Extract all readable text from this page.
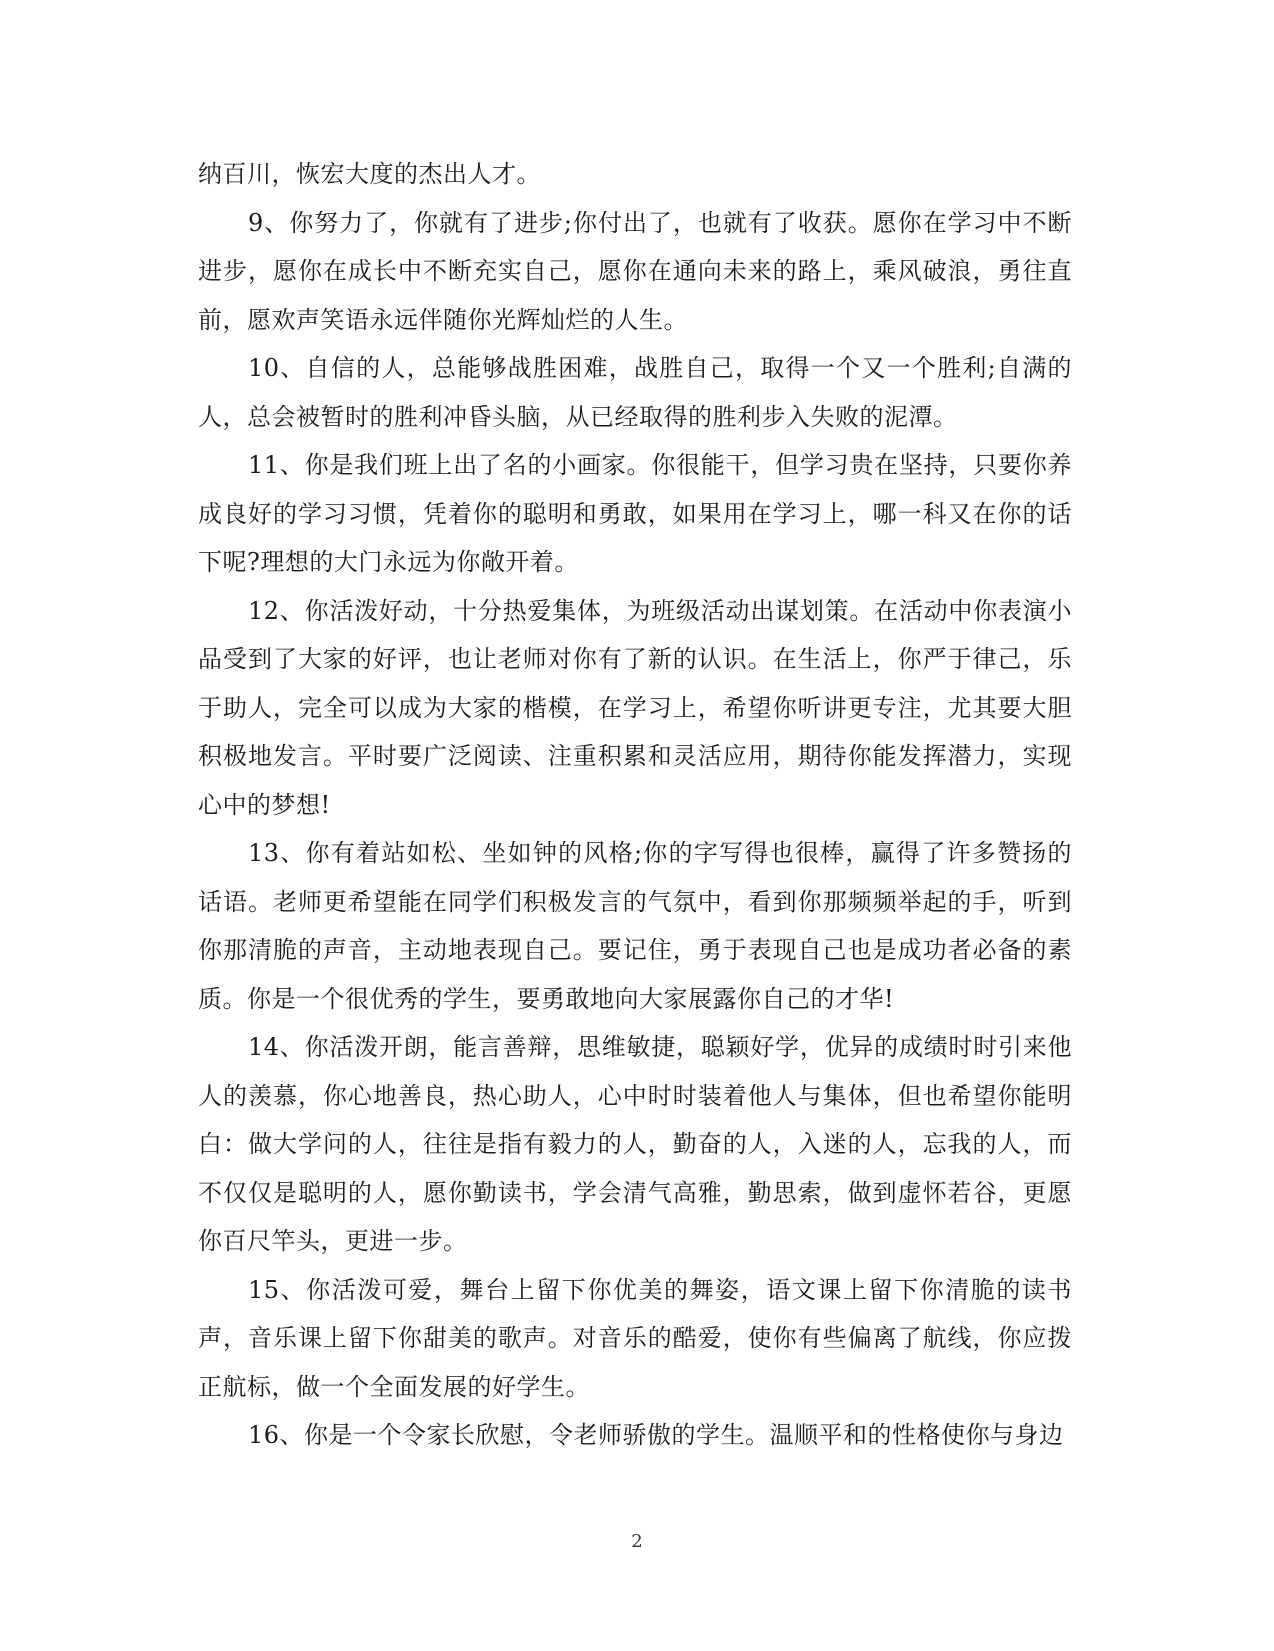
纳百川，恢宏大度的杰出人才。

9、你努力了，你就有了进步;你付出了，也就有了收获。愿你在学习中不断进步，愿你在成长中不断充实自己，愿你在通向未来的路上，乘风破浪，勇往直前，愿欢声笑语永远伴随你光辉灿烂的人生。

10、自信的人，总能够战胜困难，战胜自己，取得一个又一个胜利;自满的人，总会被暂时的胜利冲昏头脑，从已经取得的胜利步入失败的泥潭。

11、你是我们班上出了名的小画家。你很能干，但学习贵在坚持，只要你养成良好的学习习惯，凭着你的聪明和勇敢，如果用在学习上，哪一科又在你的话下呢?理想的大门永远为你敞开着。

12、你活泼好动，十分热爱集体，为班级活动出谋划策。在活动中你表演小品受到了大家的好评，也让老师对你有了新的认识。在生活上，你严于律己，乐于助人，完全可以成为大家的楷模，在学习上，希望你听讲更专注，尤其要大胆积极地发言。平时要广泛阅读、注重积累和灵活应用，期待你能发挥潜力，实现心中的梦想!

13、你有着站如松、坐如钟的风格;你的字写得也很棒，赢得了许多赞扬的话语。老师更希望能在同学们积极发言的气氛中，看到你那频频举起的手，听到你那清脆的声音，主动地表现自己。要记住，勇于表现自己也是成功者必备的素质。你是一个很优秀的学生，要勇敢地向大家展露你自己的才华!

14、你活泼开朗，能言善辩，思维敏捷，聪颖好学，优异的成绩时时引来他人的羡慕，你心地善良，热心助人，心中时时装着他人与集体，但也希望你能明白：做大学问的人，往往是指有毅力的人，勤奋的人，入迷的人，忘我的人，而不仅仅是聪明的人，愿你勤读书，学会清气高雅，勤思索，做到虚怀若谷，更愿你百尺竿头，更进一步。

15、你活泼可爱，舞台上留下你优美的舞姿，语文课上留下你清脆的读书声，音乐课上留下你甜美的歌声。对音乐的酷爱，使你有些偏离了航线，你应拨正航标，做一个全面发展的好学生。

16、你是一个令家长欣慰，令老师骄傲的学生。温顺平和的性格使你与身边

2
